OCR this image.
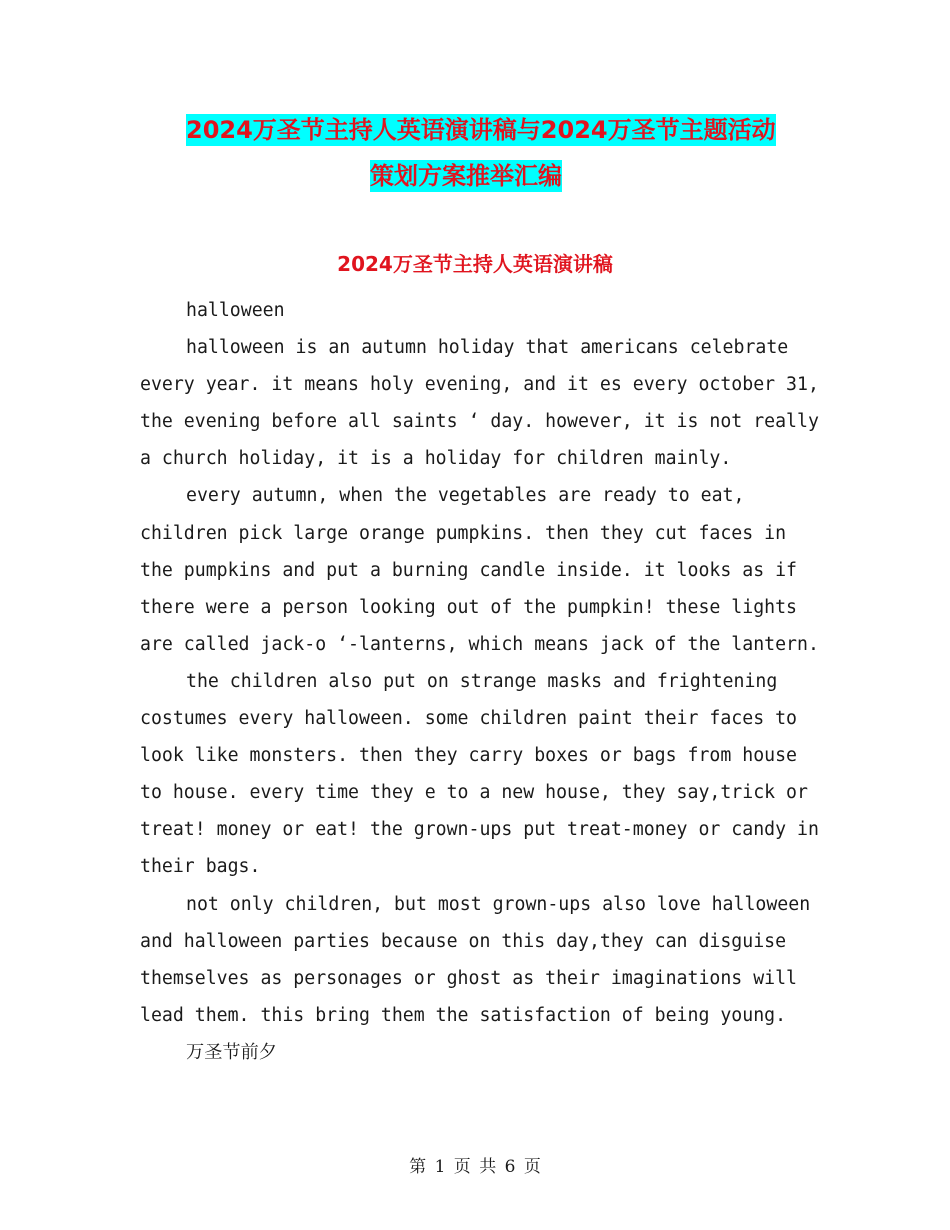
2024万圣节主持人英语演讲稿与2024万圣节主题活动
策划方案推举汇编
2024万圣节主持人英语演讲稿

halloween

halloween is an autumn holiday that americans celebrate every year. it means holy evening, and it es every october 31, the evening before all saints ‘ day. however, it is not really a church holiday, it is a holiday for children mainly.

every autumn, when the vegetables are ready to eat, children pick large orange pumpkins. then they cut faces in the pumpkins and put a burning candle inside. it looks as if there were a person looking out of the pumpkin! these lights are called jack-o ‘-lanterns, which means jack of the lantern.

the children also put on strange masks and frightening costumes every halloween. some children paint their faces to look like monsters. then they carry boxes or bags from house to house. every time they e to a new house, they say,trick or treat! money or eat! the grown-ups put treat-money or candy in their bags.

not only children, but most grown-ups also love halloween and halloween parties because on this day,they can disguise themselves as personages or ghost as their imaginations will lead them. this bring them the satisfaction of being young.

万圣节前夕

第 1 页 共 6 页
